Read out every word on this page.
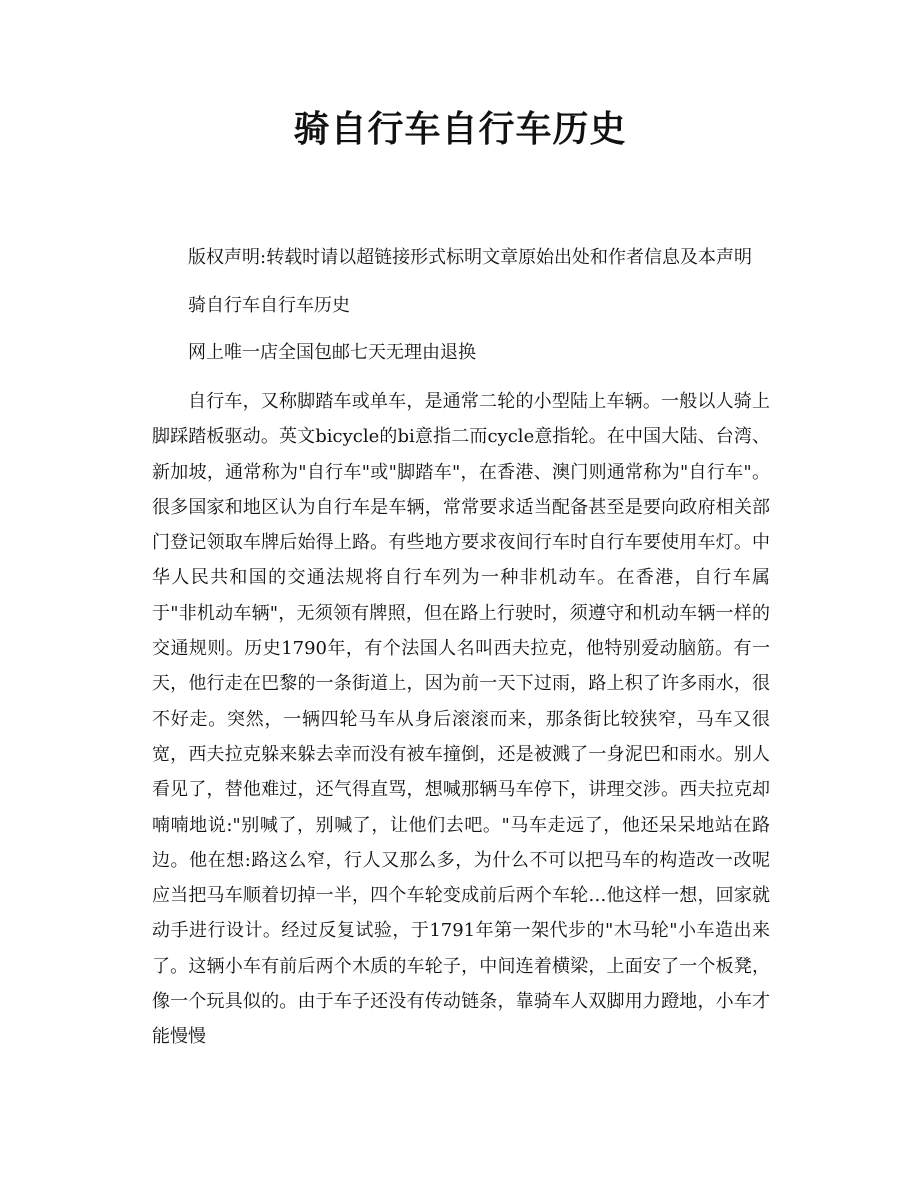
骑自行车自行车历史
版权声明:转载时请以超链接形式标明文章原始出处和作者信息及本声明
骑自行车自行车历史
网上唯一店全国包邮七天无理由退换

自行车，又称脚踏车或单车，是通常二轮的小型陆上车辆。一般以人骑上脚踩踏板驱动。英文bicycle的bi意指二而cycle意指轮。在中国大陆、台湾、新加坡，通常称为"自行车"或"脚踏车"，在香港、澳门则通常称为"自行车"。很多国家和地区认为自行车是车辆，常常要求适当配备甚至是要向政府相关部门登记领取车牌后始得上路。有些地方要求夜间行车时自行车要使用车灯。中华人民共和国的交通法规将自行车列为一种非机动车。在香港，自行车属于"非机动车辆"，无须领有牌照，但在路上行驶时，须遵守和机动车辆一样的交通规则。历史1790年，有个法国人名叫西夫拉克，他特别爱动脑筋。有一天，他行走在巴黎的一条街道上，因为前一天下过雨，路上积了许多雨水，很不好走。突然，一辆四轮马车从身后滚滚而来，那条街比较狭窄，马车又很宽，西夫拉克躲来躲去幸而没有被车撞倒，还是被溅了一身泥巴和雨水。别人看见了，替他难过，还气得直骂，想喊那辆马车停下，讲理交涉。西夫拉克却喃喃地说:"别喊了，别喊了，让他们去吧。"马车走远了，他还呆呆地站在路边。他在想:路这么窄，行人又那么多，为什么不可以把马车的构造改一改呢应当把马车顺着切掉一半，四个车轮变成前后两个车轮…他这样一想，回家就动手进行设计。经过反复试验，于1791年第一架代步的"木马轮"小车造出来了。这辆小车有前后两个木质的车轮子，中间连着横梁，上面安了一个板凳，像一个玩具似的。由于车子还没有传动链条，靠骑车人双脚用力蹬地，小车才能慢慢
